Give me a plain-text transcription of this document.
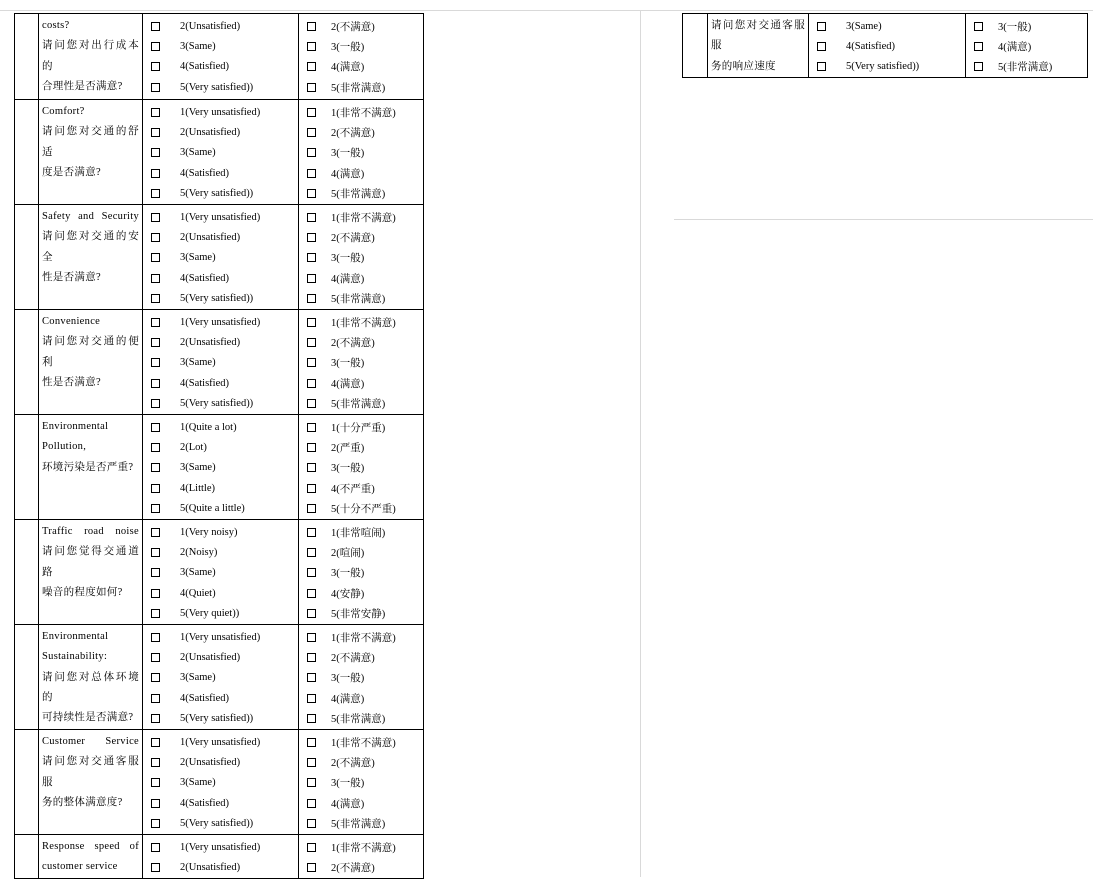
costs?
请问您对出行成本的
合理性是否满意?

2(Unsatisfied)
3(Same)
4(Satisfied)
5(Very satisfied))

2(不满意)
3(一般)
4(满意)
5(非常满意)

Comfort?
请问您对交通的舒适
度是否满意?

1(Very unsatisfied)
2(Unsatisfied)
3(Same)
4(Satisfied)
5(Very satisfied))

1(非常不满意)
2(不满意)
3(一般)
4(满意)
5(非常满意)

Safety and Security
请问您对交通的安全
性是否满意?

1(Very unsatisfied)
2(Unsatisfied)
3(Same)
4(Satisfied)
5(Very satisfied))

1(非常不满意)
2(不满意)
3(一般)
4(满意)
5(非常满意)

Convenience
请问您对交通的便利
性是否满意?

1(Very unsatisfied)
2(Unsatisfied)
3(Same)
4(Satisfied)
5(Very satisfied))

1(非常不满意)
2(不满意)
3(一般)
4(满意)
5(非常满意)

Environmental
Pollution,
环境污染是否严重?

1(Quite a lot)
2(Lot)
3(Same)
4(Little)
5(Quite a little)

1(十分严重)
2(严重)
3(一般)
4(不严重)
5(十分不严重)

Traffic road noise
请问您觉得交通道路
噪音的程度如何?

1(Very noisy)
2(Noisy)
3(Same)
4(Quiet)
5(Very quiet))

1(非常喧闹)
2(喧闹)
3(一般)
4(安静)
5(非常安静)

Environmental
Sustainability:
请问您对总体环境的
可持续性是否满意?

1(Very unsatisfied)
2(Unsatisfied)
3(Same)
4(Satisfied)
5(Very satisfied))

1(非常不满意)
2(不满意)
3(一般)
4(满意)
5(非常满意)

Customer Service
请问您对交通客服服
务的整体满意度?

1(Very unsatisfied)
2(Unsatisfied)
3(Same)
4(Satisfied)
5(Very satisfied))

1(非常不满意)
2(不满意)
3(一般)
4(满意)
5(非常满意)

Response speed of
customer service

1(Very unsatisfied)
2(Unsatisfied)

1(非常不满意)
2(不满意)

请问您对交通客服服
务的响应速度

3(Same)
4(Satisfied)
5(Very satisfied))

3(一般)
4(满意)
5(非常满意)
